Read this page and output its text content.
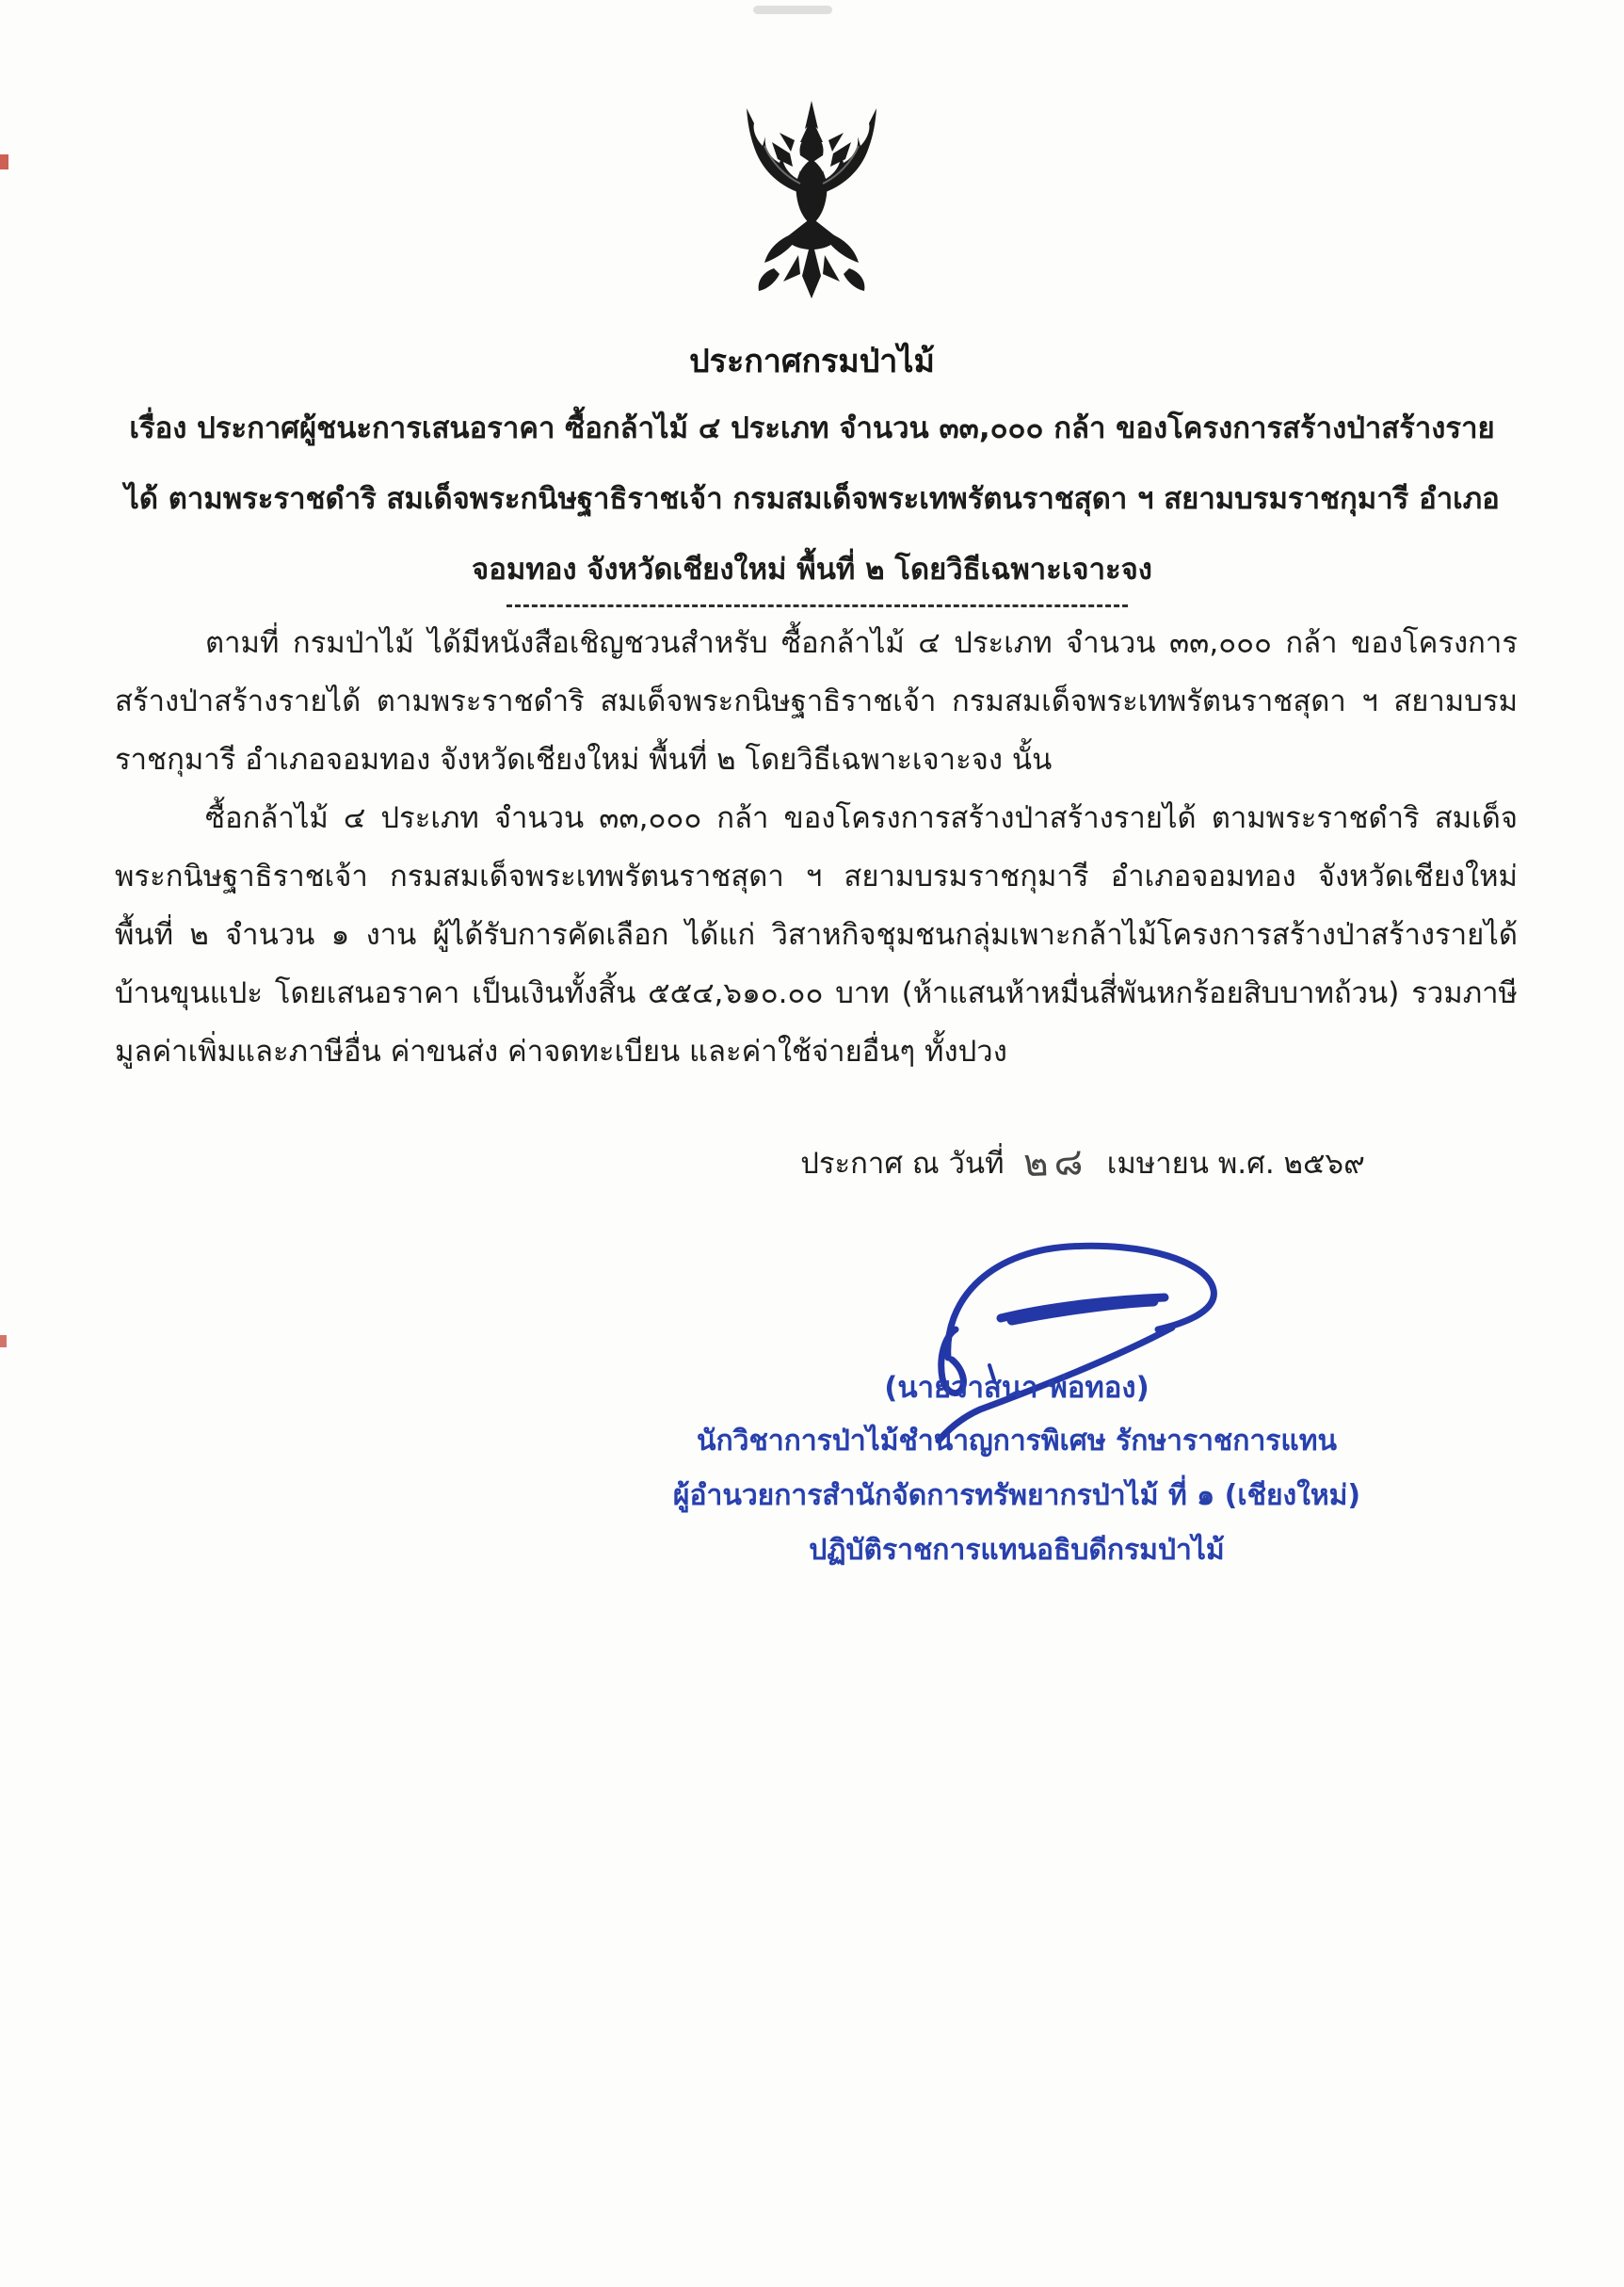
ประกาศกรมป่าไม้
เรื่อง ประกาศผู้ชนะการเสนอราคา ซื้อกล้าไม้ ๔ ประเภท จำนวน ๓๓,๐๐๐ กล้า ของโครงการสร้างป่าสร้างราย
ได้ ตามพระราชดำริ สมเด็จพระกนิษฐาธิราชเจ้า กรมสมเด็จพระเทพรัตนราชสุดา ฯ สยามบรมราชกุมารี อำเภอ
จอมทอง จังหวัดเชียงใหม่ พื้นที่ ๒ โดยวิธีเฉพาะเจาะจง

ตามที่ กรมป่าไม้ ได้มีหนังสือเชิญชวนสำหรับ ซื้อกล้าไม้ ๔ ประเภท จำนวน ๓๓,๐๐๐ กล้า ของโครงการสร้างป่าสร้างรายได้ ตามพระราชดำริ สมเด็จพระกนิษฐาธิราชเจ้า กรมสมเด็จพระเทพรัตนราชสุดา ฯ สยามบรมราชกุมารี อำเภอจอมทอง จังหวัดเชียงใหม่ พื้นที่ ๒ โดยวิธีเฉพาะเจาะจง นั้น

ซื้อกล้าไม้ ๔ ประเภท จำนวน ๓๓,๐๐๐ กล้า ของโครงการสร้างป่าสร้างรายได้ ตามพระราชดำริ สมเด็จพระกนิษฐาธิราชเจ้า กรมสมเด็จพระเทพรัตนราชสุดา ฯ สยามบรมราชกุมารี อำเภอจอมทอง จังหวัดเชียงใหม่ พื้นที่ ๒ จำนวน ๑ งาน ผู้ได้รับการคัดเลือก ได้แก่ วิสาหกิจชุมชนกลุ่มเพาะกล้าไม้โครงการสร้างป่าสร้างรายได้บ้านขุนแปะ โดยเสนอราคา เป็นเงินทั้งสิ้น ๕๕๔,๖๑๐.๐๐ บาท (ห้าแสนห้าหมื่นสี่พันหกร้อยสิบบาทถ้วน) รวมภาษีมูลค่าเพิ่มและภาษีอื่น ค่าขนส่ง ค่าจดทะเบียน และค่าใช้จ่ายอื่นๆ ทั้งปวง

ประกาศ ณ วันที่ ๒๘ เมษายน พ.ศ. ๒๕๖๙
(นายวาสนา พ่อทอง)
นักวิชาการป่าไม้ชำนาญการพิเศษ รักษาราชการแทน
ผู้อำนวยการสำนักจัดการทรัพยากรป่าไม้ ที่ ๑ (เชียงใหม่)
ปฏิบัติราชการแทนอธิบดีกรมป่าไม้
